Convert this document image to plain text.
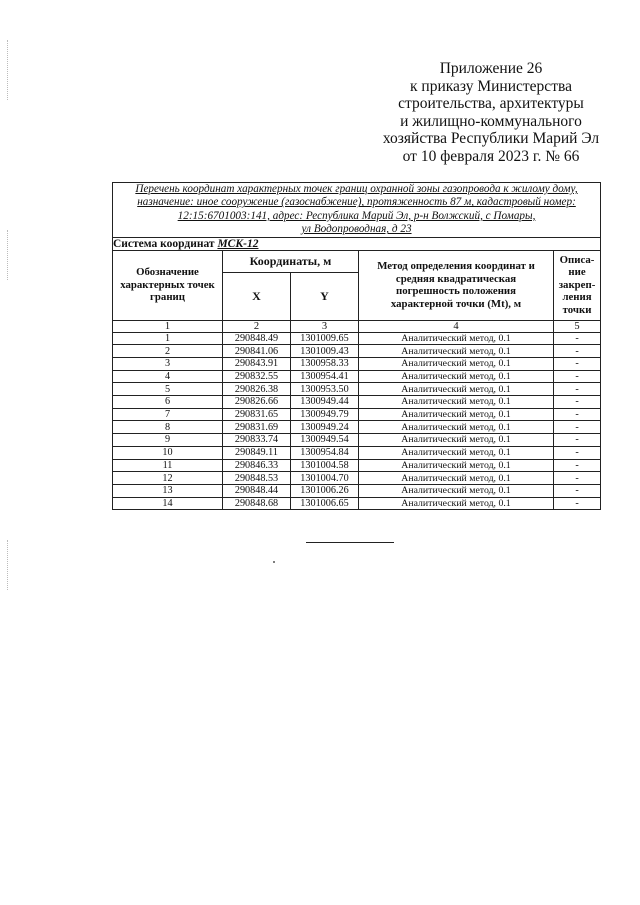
Приложение 26
к приказу Министерства
строительства, архитектуры
и жилищно-коммунального
хозяйства Республики Марий Эл
от 10 февраля 2023 г. № 66
Перечень координат характерных точек границ охранной зоны газопровода к жилому дому,
назначение: иное сооружение (газоснабжение), протяженность 87 м, кадастровый номер:
12:15:6701003:141, адрес: Республика Марий Эл, р-н Волжский, с Помары,
ул Водопроводная, д 23				

Система координат МСК-12				
Обозначение характерных точек границ	Координаты, м		Метод определения координат и средняя квадратическая погрешность положения характерной точки (Мt), м	Описа-ние закреп-ления точки
	X	Y		
1	2	3	4	5
1	290848.49	1301009.65	Аналитический метод, 0.1	-
2	290841.06	1301009.43	Аналитический метод, 0.1	-
3	290843.91	1300958.33	Аналитический метод, 0.1	-
4	290832.55	1300954.41	Аналитический метод, 0.1	-
5	290826.38	1300953.50	Аналитический метод, 0.1	-
6	290826.66	1300949.44	Аналитический метод, 0.1	-
7	290831.65	1300949.79	Аналитический метод, 0.1	-
8	290831.69	1300949.24	Аналитический метод, 0.1	-
9	290833.74	1300949.54	Аналитический метод, 0.1	-
10	290849.11	1300954.84	Аналитический метод, 0.1	-
11	290846.33	1301004.58	Аналитический метод, 0.1	-
12	290848.53	1301004.70	Аналитический метод, 0.1	-
13	290848.44	1301006.26	Аналитический метод, 0.1	-
14	290848.68	1301006.65	Аналитический метод, 0.1	-
